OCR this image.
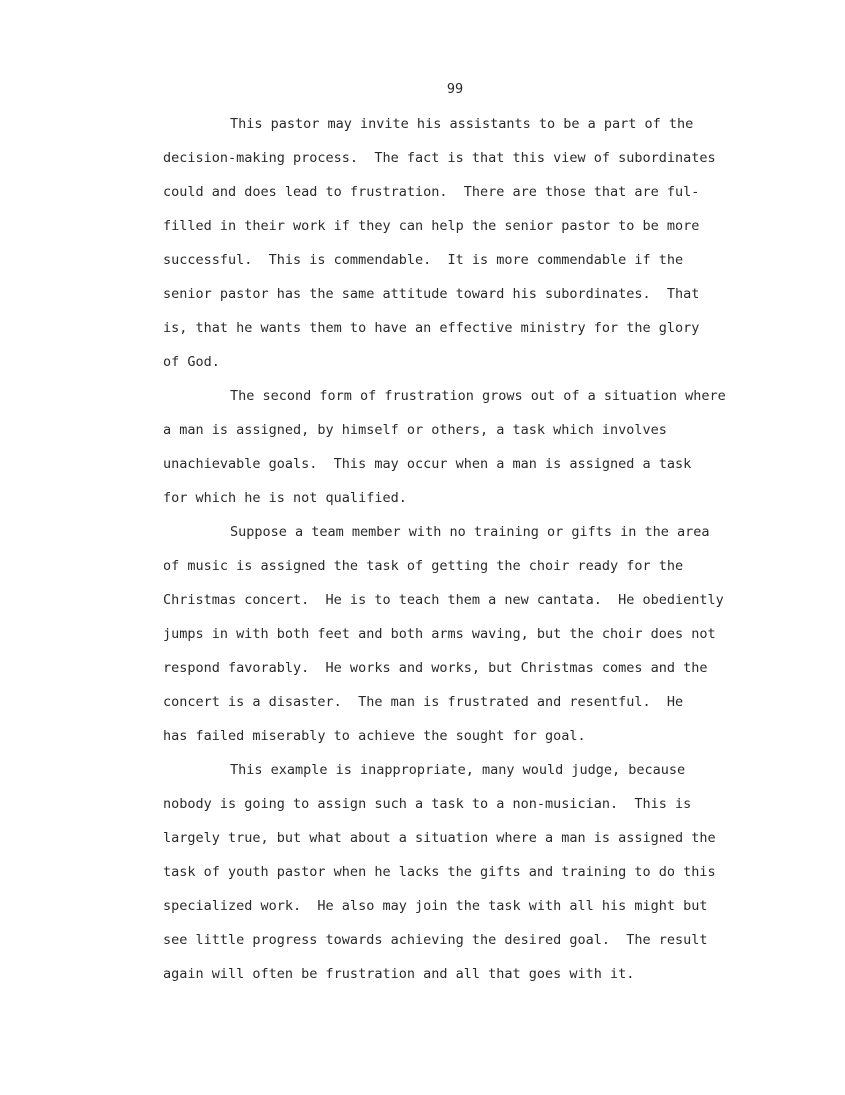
99
This pastor may invite his assistants to be a part of the
decision-making process.  The fact is that this view of subordinates
could and does lead to frustration.  There are those that are ful-
filled in their work if they can help the senior pastor to be more
successful.  This is commendable.  It is more commendable if the
senior pastor has the same attitude toward his subordinates.  That
is, that he wants them to have an effective ministry for the glory
of God.
The second form of frustration grows out of a situation where
a man is assigned, by himself or others, a task which involves
unachievable goals.  This may occur when a man is assigned a task
for which he is not qualified.
Suppose a team member with no training or gifts in the area
of music is assigned the task of getting the choir ready for the
Christmas concert.  He is to teach them a new cantata.  He obediently
jumps in with both feet and both arms waving, but the choir does not
respond favorably.  He works and works, but Christmas comes and the
concert is a disaster.  The man is frustrated and resentful.  He
has failed miserably to achieve the sought for goal.
This example is inappropriate, many would judge, because
nobody is going to assign such a task to a non-musician.  This is
largely true, but what about a situation where a man is assigned the
task of youth pastor when he lacks the gifts and training to do this
specialized work.  He also may join the task with all his might but
see little progress towards achieving the desired goal.  The result
again will often be frustration and all that goes with it.
